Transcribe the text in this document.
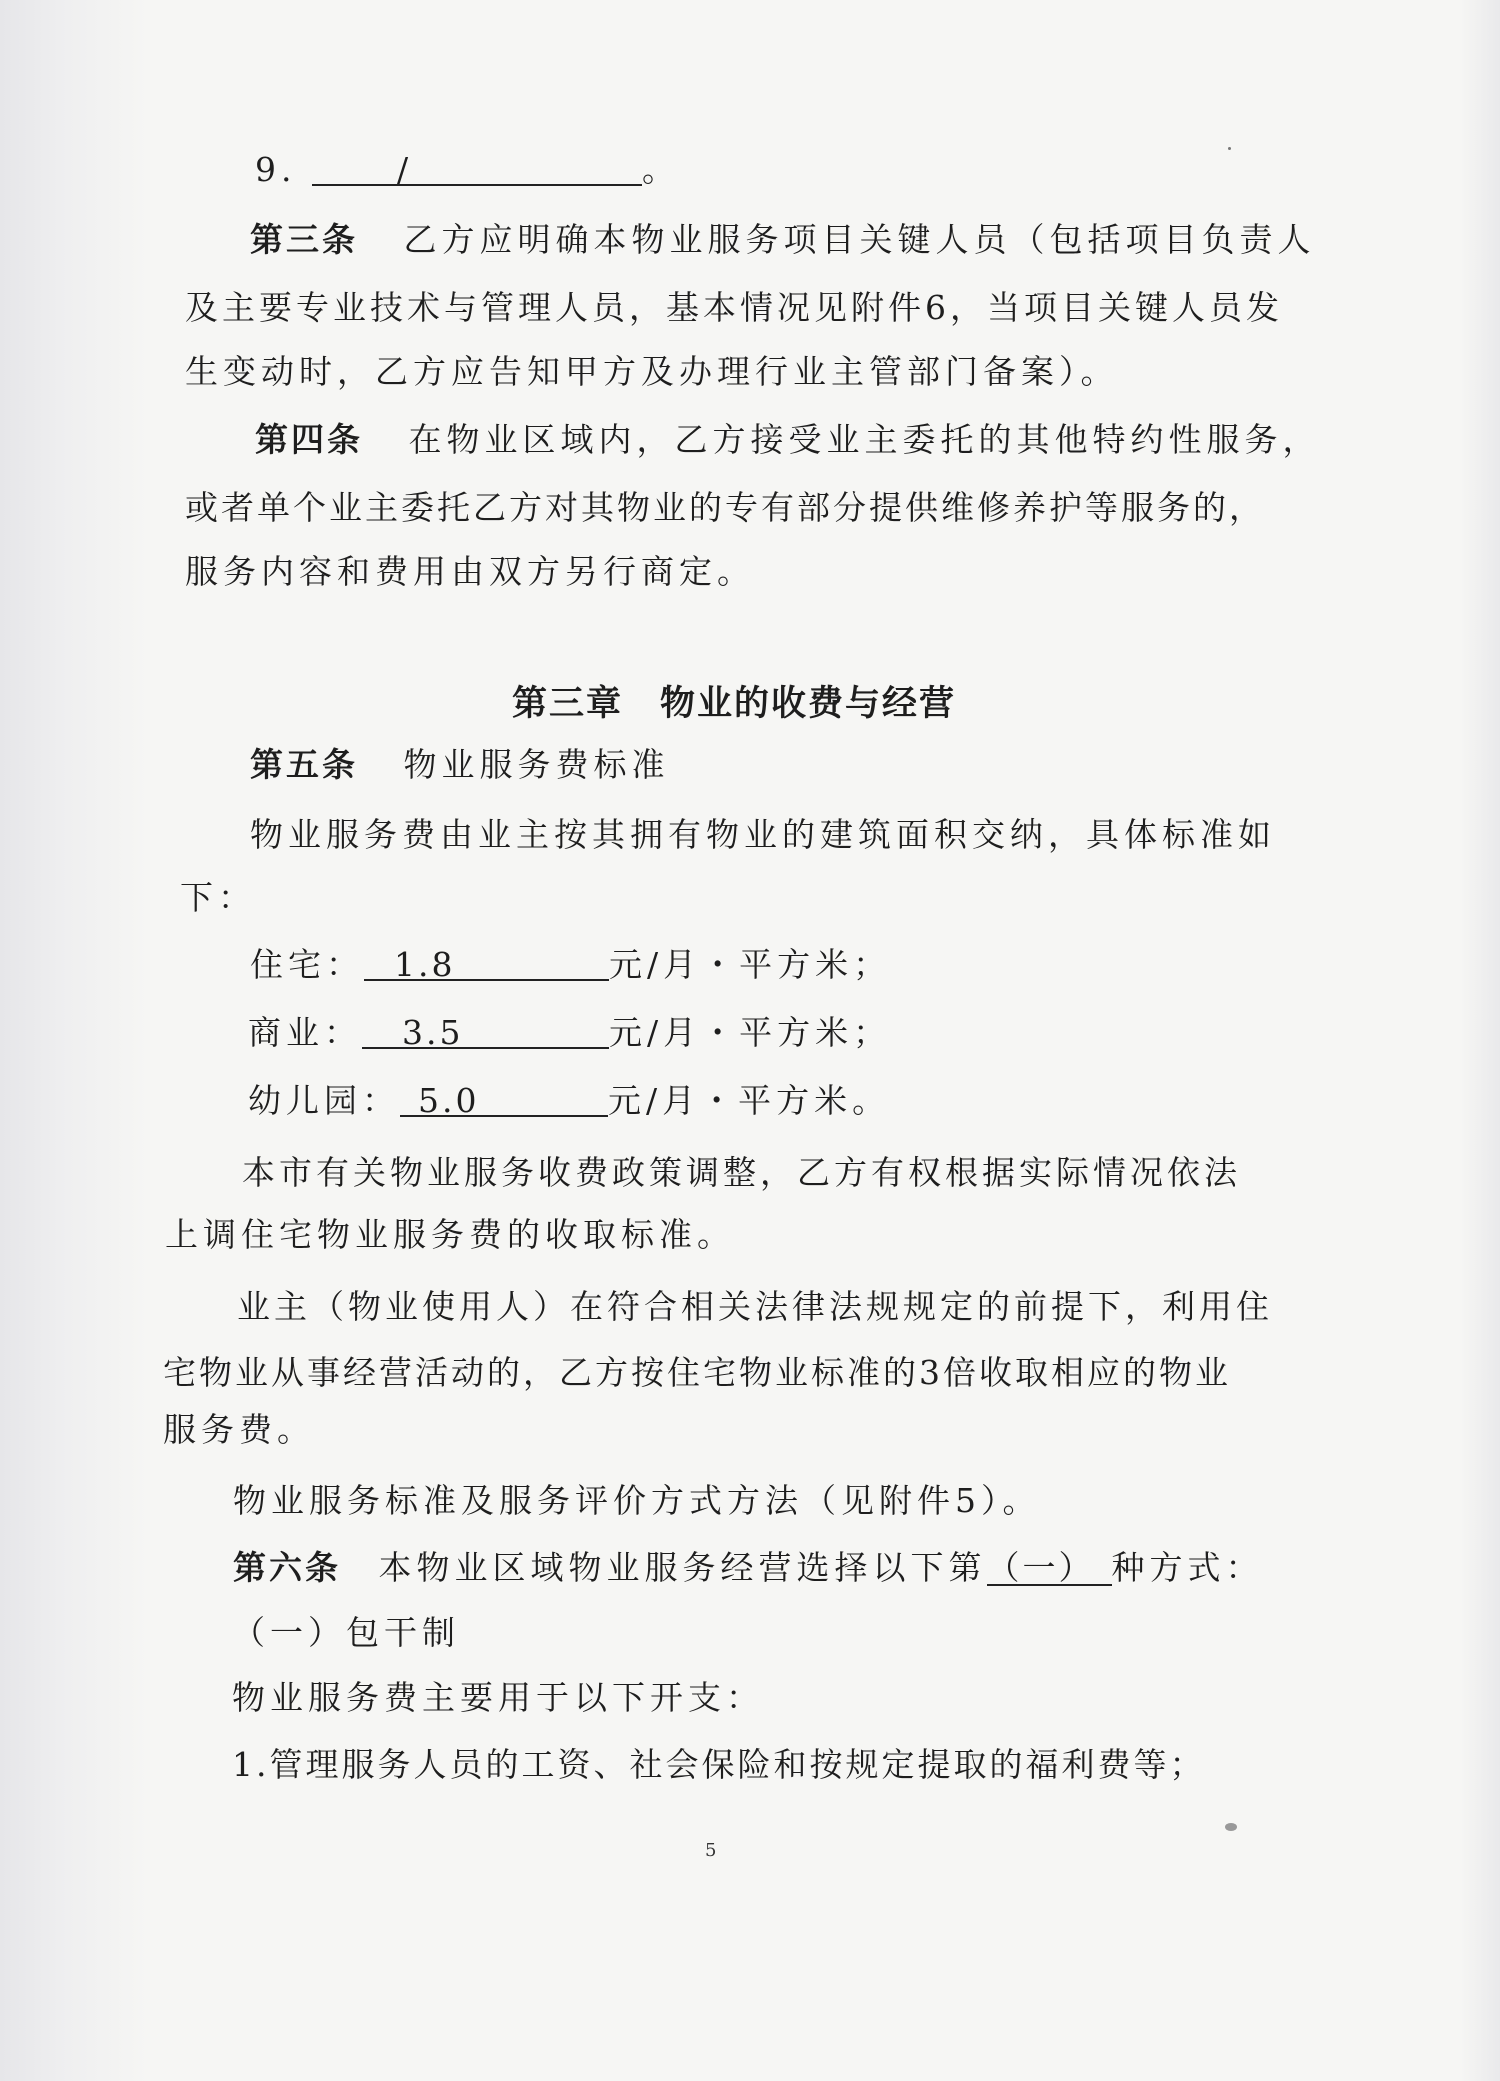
9.	/	。
第三条 乙方应明确本物业服务项目关键人员（包括项目负责人
及主要专业技术与管理人员，基本情况见附件6，当项目关键人员发
生变动时，乙方应告知甲方及办理行业主管部门备案）。
第四条 在物业区域内，乙方接受业主委托的其他特约性服务，
或者单个业主委托乙方对其物业的专有部分提供维修养护等服务的，
服务内容和费用由双方另行商定。
第三章　物业的收费与经营
第五条 物业服务费标准
物业服务费由业主按其拥有物业的建筑面积交纳，具体标准如
下：
住宅： 1.8	元/月・平方米；
商业： 3.5	元/月・平方米；
幼儿园： 5.0	元/月・平方米。
本市有关物业服务收费政策调整，乙方有权根据实际情况依法
上调住宅物业服务费的收取标准。
业主（物业使用人）在符合相关法律法规规定的前提下，利用住
宅物业从事经营活动的，乙方按住宅物业标准的3倍收取相应的物业
服务费。
物业服务标准及服务评价方式方法（见附件5）。
第六条 本物业区域物业服务经营选择以下第（一） 种方式：
（一）包干制
物业服务费主要用于以下开支：
1.管理服务人员的工资、社会保险和按规定提取的福利费等；
5
